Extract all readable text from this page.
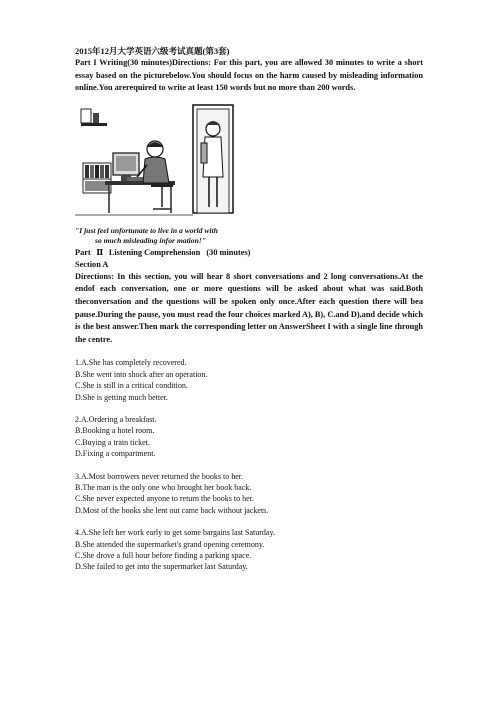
2015年12月大学英语六级考试真题(第3套)

Part I Writing(30 minutes)Directions: For this part, you are allowed 30 minutes to write a short essay based on the picturebelow.You should focus on the harm caused by misleading information online.You arerequired to write at least 150 words but no more than 200 words.

"I just feel unfortunate to live in a world with
so much misleading infor mation!"
Part Ⅱ Listening Comprehension (30 minutes)
Section A

Directions: In this section, you will hear 8 short conversations and 2 long conversations.At the endof each conversation, one or more questions will be asked about what was said.Both theconversation and the questions will be spoken only once.After each question there will bea pause.During the pause, you must read the four choices marked A), B), C.and D),and decide which is the best answer.Then mark the corresponding letter on AnswerSheet I with a single line through the centre.

1.A.She has completely recovered.

B.She went into shock after an operation.

C.She is still in a critical condition.

D.She is getting much better.

2.A.Ordering a breakfast.

B.Booking a hotel room.

C.Buying a train ticket.

D.Fixing a compartment.

3.A.Most borrowers never returned the books to her.

B.The man is the only one who brought her book back.

C.She never expected anyone to return the books to her.

D.Most of the books she lent out came back without jackets.

4.A.She left her work early to get some bargains last Saturday.

B.She attended the supermarket's grand opening ceremony.

C.She drove a full hour before finding a parking space.

D.She failed to get into the supermarket last Saturday.
